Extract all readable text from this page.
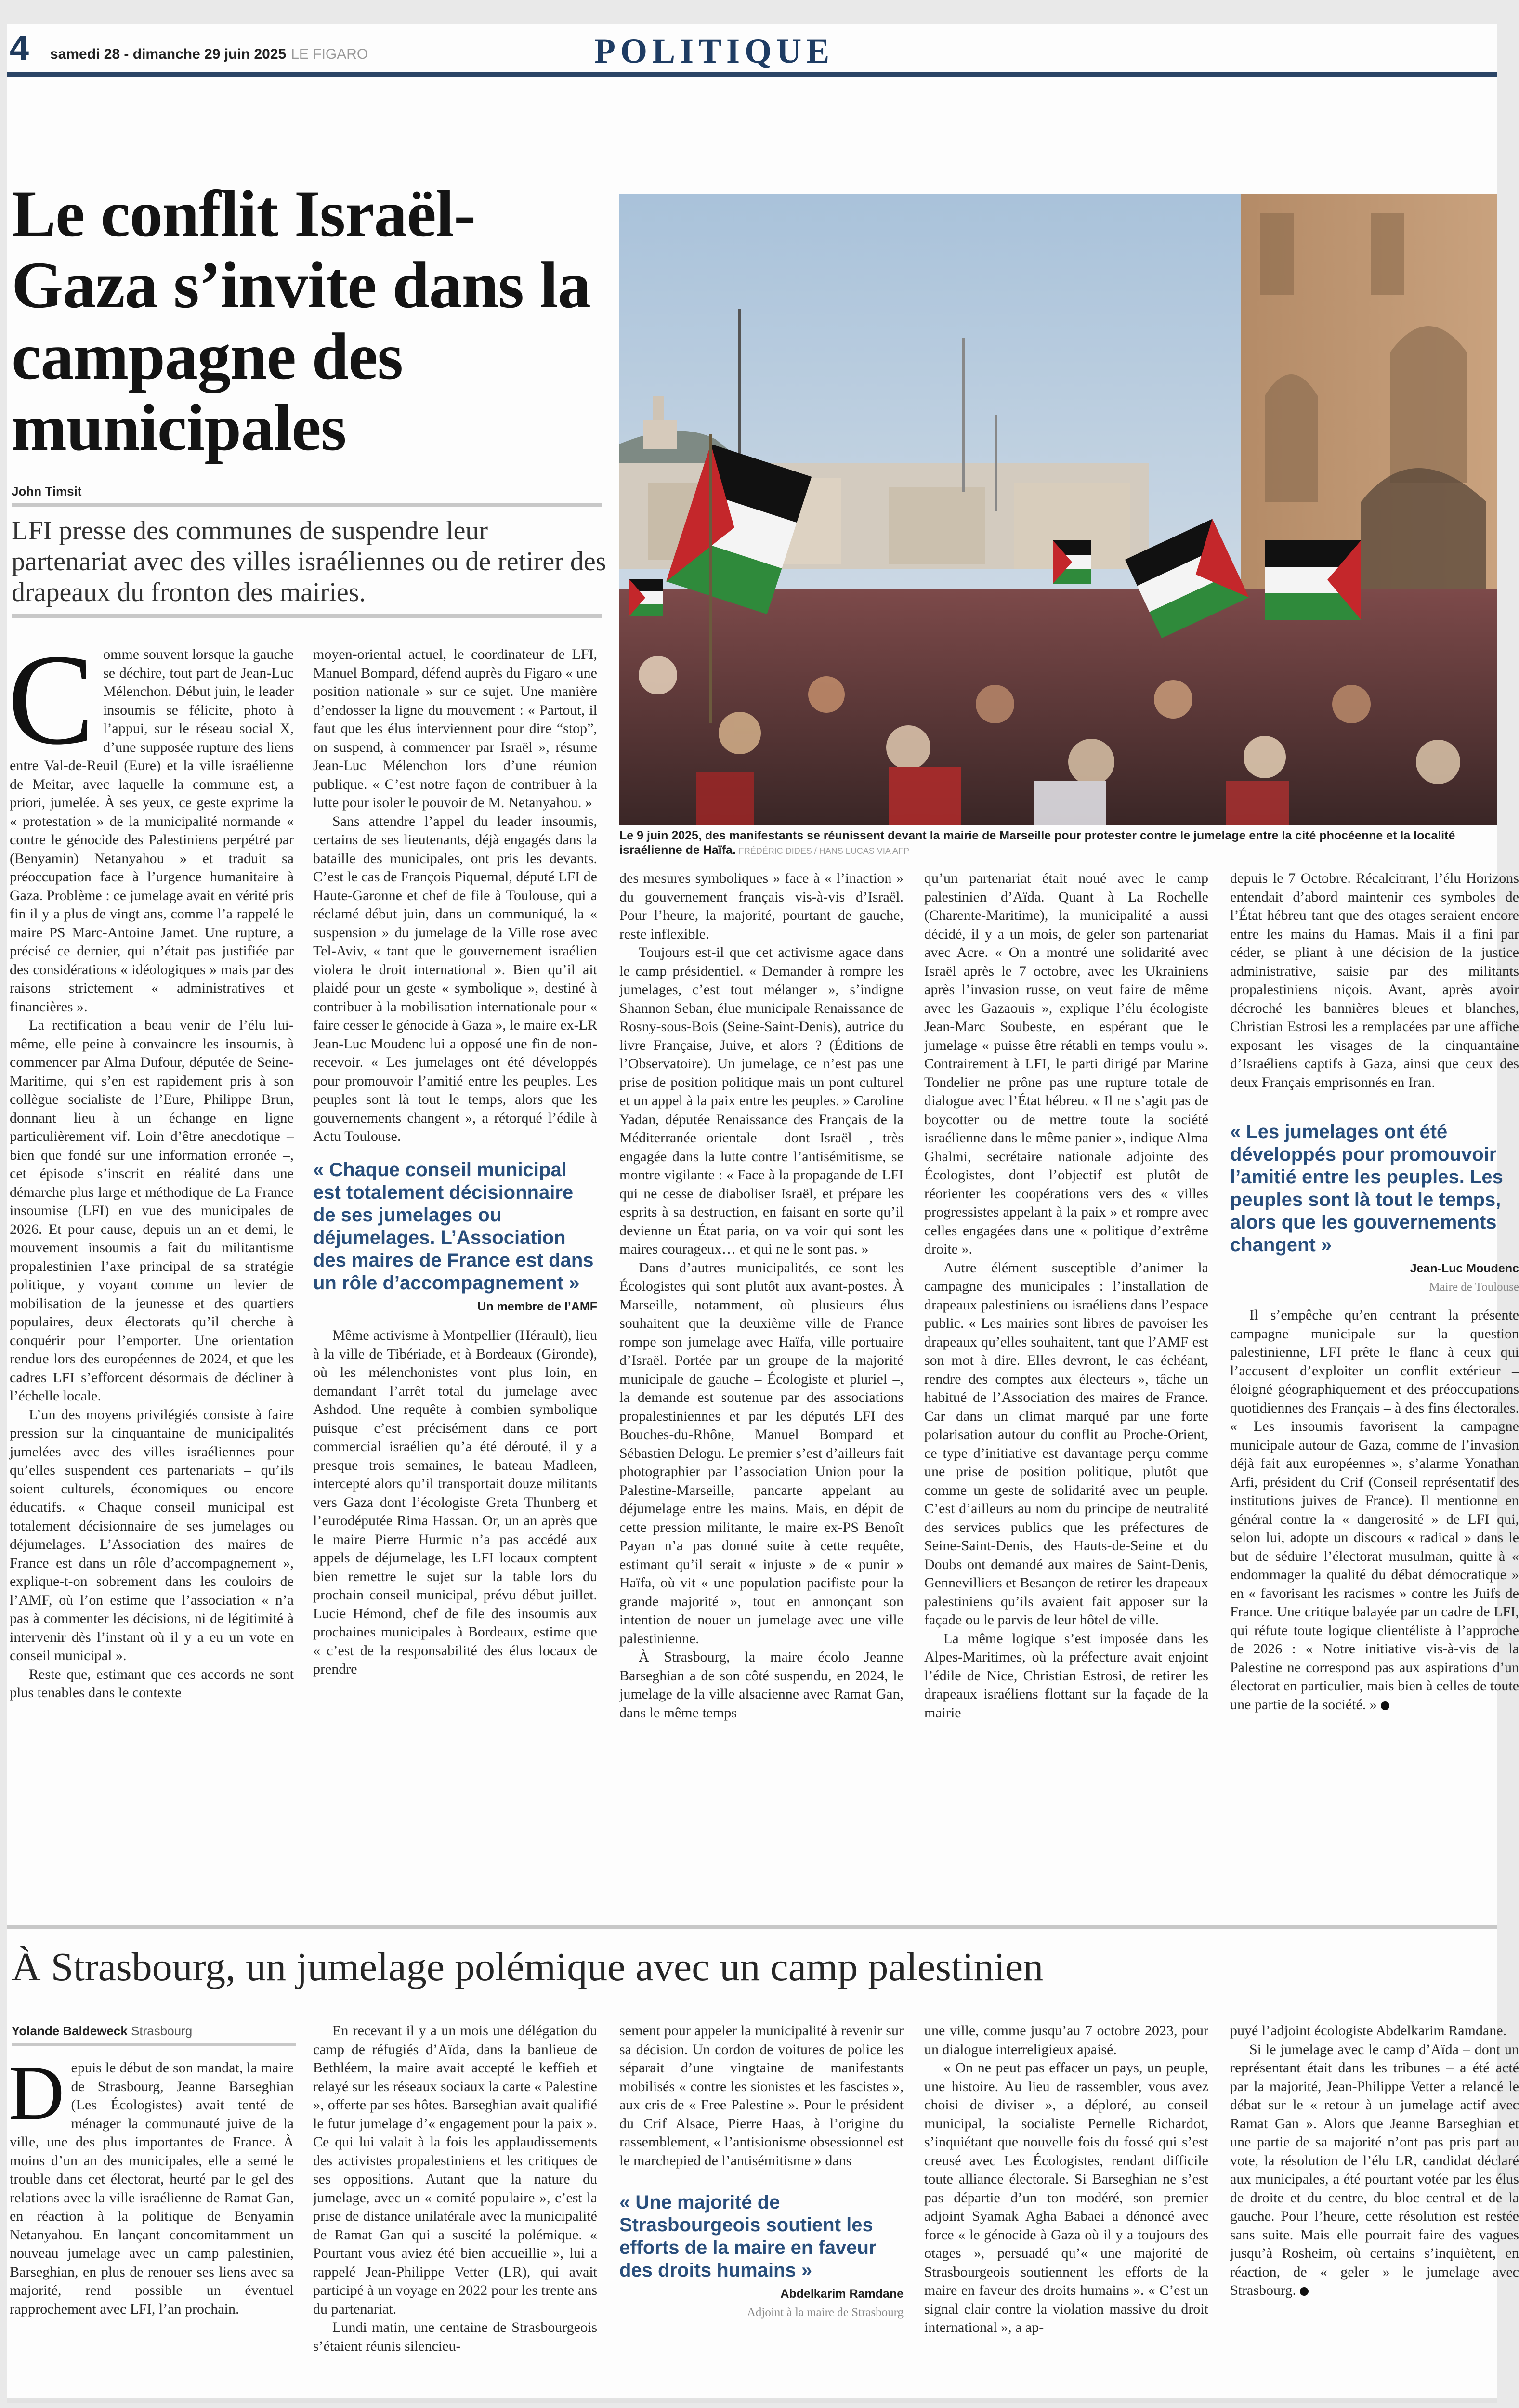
4 samedi 28 - dimanche 29 juin 2025 LE FIGARO	POLITIQUE
Le conflit Israël-Gaza s’invite dans la campagne des municipales
John Timsit
LFI presse des communes de suspendre leur partenariat avec des villes israéliennes ou de retirer des drapeaux du fronton des mairies.
Le 9 juin 2025, des manifestants se réunissent devant la mairie de Marseille pour protester contre le jumelage entre la cité phocéenne et la localité israélienne de Haïfa. FRÉDÉRIC DIDES / HANS LUCAS VIA AFP
C omme souvent lorsque la gauche se déchire, tout part de Jean-Luc Mélenchon. Début juin, le leader insoumis se félicite, photo à l’appui, sur le réseau social X, d’une supposée rupture des liens entre Val-de-Reuil (Eure) et la ville israélienne de Meitar, avec laquelle la commune est, a priori, jumelée. À ses yeux, ce geste exprime la « protestation » de la municipalité normande « contre le génocide des Palestiniens perpétré par (Benyamin) Netanyahou » et traduit sa préoccupation face à l’urgence humanitaire à Gaza. Problème : ce jumelage avait en vérité pris fin il y a plus de vingt ans, comme l’a rappelé le maire PS Marc-Antoine Jamet. Une rupture, a précisé ce dernier, qui n’était pas justifiée par des considérations « idéologiques » mais par des raisons strictement « administratives et financières ».

La rectification a beau venir de l’élu lui-même, elle peine à convaincre les insoumis, à commencer par Alma Dufour, députée de Seine-Maritime, qui s’en est rapidement pris à son collègue socialiste de l’Eure, Philippe Brun, donnant lieu à un échange en ligne particulièrement vif. Loin d’être anecdotique – bien que fondé sur une information erronée –, cet épisode s’inscrit en réalité dans une démarche plus large et méthodique de La France insoumise (LFI) en vue des municipales de 2026. Et pour cause, depuis un an et demi, le mouvement insoumis a fait du militantisme propalestinien l’axe principal de sa stratégie politique, y voyant comme un levier de mobilisation de la jeunesse et des quartiers populaires, deux électorats qu’il cherche à conquérir pour l’emporter. Une orientation rendue lors des européennes de 2024, et que les cadres LFI s’efforcent désormais de décliner à l’échelle locale.

L’un des moyens privilégiés consiste à faire pression sur la cinquantaine de municipalités jumelées avec des villes israéliennes pour qu’elles suspendent ces partenariats – qu’ils soient culturels, économiques ou encore éducatifs. « Chaque conseil municipal est totalement décisionnaire de ses jumelages ou déjumelages. L’Association des maires de France est dans un rôle d’accompagnement », explique-t-on sobrement dans les couloirs de l’AMF, où l’on estime que l’association « n’a pas à commenter les décisions, ni de légitimité à intervenir dès l’instant où il y a eu un vote en conseil municipal ».

Reste que, estimant que ces accords ne sont plus tenables dans le contexte

moyen-oriental actuel, le coordinateur de LFI, Manuel Bompard, défend auprès du Figaro « une position nationale » sur ce sujet. Une manière d’endosser la ligne du mouvement : « Partout, il faut que les élus interviennent pour dire “stop”, on suspend, à commencer par Israël », résume Jean-Luc Mélenchon lors d’une réunion publique. « C’est notre façon de contribuer à la lutte pour isoler le pouvoir de M. Netanyahou. »

Sans attendre l’appel du leader insoumis, certains de ses lieutenants, déjà engagés dans la bataille des municipales, ont pris les devants. C’est le cas de François Piquemal, député LFI de Haute-Garonne et chef de file à Toulouse, qui a réclamé début juin, dans un communiqué, la « suspension » du jumelage de la Ville rose avec Tel-Aviv, « tant que le gouvernement israélien violera le droit international ». Bien qu’il ait plaidé pour un geste « symbolique », destiné à contribuer à la mobilisation internationale pour « faire cesser le génocide à Gaza », le maire ex-LR Jean-Luc Moudenc lui a opposé une fin de non-recevoir. « Les jumelages ont été développés pour promouvoir l’amitié entre les peuples. Les peuples sont là tout le temps, alors que les gouvernements changent », a rétorqué l’édile à Actu Toulouse.

« Chaque conseil municipal est totalement décisionnaire de ses jumelages ou déjumelages. L’Association des maires de France est dans un rôle d’accompagnement »
Un membre de l’AMF

Même activisme à Montpellier (Hérault), lieu à la ville de Tibériade, et à Bordeaux (Gironde), où les mélenchonistes vont plus loin, en demandant l’arrêt total du jumelage avec Ashdod. Une requête à combien symbolique puisque c’est précisément dans ce port commercial israélien qu’a été dérouté, il y a presque trois semaines, le bateau Madleen, intercepté alors qu’il transportait douze militants vers Gaza dont l’écologiste Greta Thunberg et l’eurodéputée Rima Hassan. Or, un an après que le maire Pierre Hurmic n’a pas accédé aux appels de déjumelage, les LFI locaux comptent bien remettre le sujet sur la table lors du prochain conseil municipal, prévu début juillet. Lucie Hémond, chef de file des insoumis aux prochaines municipales à Bordeaux, estime que « c’est de la responsabilité des élus locaux de prendre

des mesures symboliques » face à « l’inaction » du gouvernement français vis-à-vis d’Israël. Pour l’heure, la majorité, pourtant de gauche, reste inflexible.

Toujours est-il que cet activisme agace dans le camp présidentiel. « Demander à rompre les jumelages, c’est tout mélanger », s’indigne Shannon Seban, élue municipale Renaissance de Rosny-sous-Bois (Seine-Saint-Denis), autrice du livre Française, Juive, et alors ? (Éditions de l’Observatoire). Un jumelage, ce n’est pas une prise de position politique mais un pont culturel et un appel à la paix entre les peuples. » Caroline Yadan, députée Renaissance des Français de la Méditerranée orientale – dont Israël –, très engagée dans la lutte contre l’antisémitisme, se montre vigilante : « Face à la propagande de LFI qui ne cesse de diaboliser Israël, et prépare les esprits à sa destruction, en faisant en sorte qu’il devienne un État paria, on va voir qui sont les maires courageux… et qui ne le sont pas. »

Dans d’autres municipalités, ce sont les Écologistes qui sont plutôt aux avant-postes. À Marseille, notamment, où plusieurs élus souhaitent que la deuxième ville de France rompe son jumelage avec Haïfa, ville portuaire d’Israël. Portée par un groupe de la majorité municipale de gauche – Écologiste et pluriel –, la demande est soutenue par des associations propalestiniennes et par les députés LFI des Bouches-du-Rhône, Manuel Bompard et Sébastien Delogu. Le premier s’est d’ailleurs fait photographier par l’association Union pour la Palestine-Marseille, pancarte appelant au déjumelage entre les mains. Mais, en dépit de cette pression militante, le maire ex-PS Benoît Payan n’a pas donné suite à cette requête, estimant qu’il serait « injuste » de « punir » Haïfa, où vit « une population pacifiste pour la grande majorité », tout en annonçant son intention de nouer un jumelage avec une ville palestinienne.

À Strasbourg, la maire écolo Jeanne Barseghian a de son côté suspendu, en 2024, le jumelage de la ville alsacienne avec Ramat Gan, dans le même temps

qu’un partenariat était noué avec le camp palestinien d’Aïda. Quant à La Rochelle (Charente-Maritime), la municipalité a aussi décidé, il y a un mois, de geler son partenariat avec Acre. « On a montré une solidarité avec Israël après le 7 octobre, avec les Ukrainiens après l’invasion russe, on veut faire de même avec les Gazaouis », explique l’élu écologiste Jean-Marc Soubeste, en espérant que le jumelage « puisse être rétabli en temps voulu ». Contrairement à LFI, le parti dirigé par Marine Tondelier ne prône pas une rupture totale de dialogue avec l’État hébreu. « Il ne s’agit pas de boycotter ou de mettre toute la société israélienne dans le même panier », indique Alma Ghalmi, secrétaire nationale adjointe des Écologistes, dont l’objectif est plutôt de réorienter les coopérations vers des « villes progressistes appelant à la paix » et rompre avec celles engagées dans une « politique d’extrême droite ».

Autre élément susceptible d’animer la campagne des municipales : l’installation de drapeaux palestiniens ou israéliens dans l’espace public. « Les mairies sont libres de pavoiser les drapeaux qu’elles souhaitent, tant que l’AMF est son mot à dire. Elles devront, le cas échéant, rendre des comptes aux électeurs », tâche un habitué de l’Association des maires de France. Car dans un climat marqué par une forte polarisation autour du conflit au Proche-Orient, ce type d’initiative est davantage perçu comme une prise de position politique, plutôt que comme un geste de solidarité avec un peuple. C’est d’ailleurs au nom du principe de neutralité des services publics que les préfectures de Seine-Saint-Denis, des Hauts-de-Seine et du Doubs ont demandé aux maires de Saint-Denis, Gennevilliers et Besançon de retirer les drapeaux palestiniens qu’ils avaient fait apposer sur la façade ou le parvis de leur hôtel de ville.

La même logique s’est imposée dans les Alpes-Maritimes, où la préfecture avait enjoint l’édile de Nice, Christian Estrosi, de retirer les drapeaux israéliens flottant sur la façade de la mairie

depuis le 7 Octobre. Récalcitrant, l’élu Horizons entendait d’abord maintenir ces symboles de l’État hébreu tant que des otages seraient encore entre les mains du Hamas. Mais il a fini par céder, se pliant à une décision de la justice administrative, saisie par des militants propalestiniens niçois. Avant, après avoir décroché les bannières bleues et blanches, Christian Estrosi les a remplacées par une affiche exposant les visages de la cinquantaine d’Israéliens captifs à Gaza, ainsi que ceux des deux Français emprisonnés en Iran.

« Les jumelages ont été développés pour promouvoir l’amitié entre les peuples. Les peuples sont là tout le temps, alors que les gouvernements changent »
Jean-Luc Moudenc
Maire de Toulouse

Il s’empêche qu’en centrant la présente campagne municipale sur la question palestinienne, LFI prête le flanc à ceux qui l’accusent d’exploiter un conflit extérieur – éloigné géographiquement et des préoccupations quotidiennes des Français – à des fins électorales. « Les insoumis favorisent la campagne municipale autour de Gaza, comme de l’invasion déjà fait aux européennes », s’alarme Yonathan Arfi, président du Crif (Conseil représentatif des institutions juives de France). Il mentionne en général contre la « dangerosité » de LFI qui, selon lui, adopte un discours « radical » dans le but de séduire l’électorat musulman, quitte à « endommager la qualité du débat démocratique » en « favorisant les racismes » contre les Juifs de France. Une critique balayée par un cadre de LFI, qui réfute toute logique clientéliste à l’approche de 2026 : « Notre initiative vis-à-vis de la Palestine ne correspond pas aux aspirations d’un électorat en particulier, mais bien à celles de toute une partie de la société. »

À Strasbourg, un jumelage polémique avec un camp palestinien
Yolande Baldeweck Strasbourg
D epuis le début de son mandat, la maire de Strasbourg, Jeanne Barseghian (Les Écologistes) avait tenté de ménager la communauté juive de la ville, une des plus importantes de France. À moins d’un an des municipales, elle a semé le trouble dans cet électorat, heurté par le gel des relations avec la ville israélienne de Ramat Gan, en réaction à la politique de Benyamin Netanyahou. En lançant concomitamment un nouveau jumelage avec un camp palestinien, Barseghian, en plus de renouer ses liens avec sa majorité, rend possible un éventuel rapprochement avec LFI, l’an prochain.

En recevant il y a un mois une délégation du camp de réfugiés d’Aïda, dans la banlieue de Bethléem, la maire avait accepté le keffieh et relayé sur les réseaux sociaux la carte « Palestine », offerte par ses hôtes. Barseghian avait qualifié le futur jumelage d’« engagement pour la paix ». Ce qui lui valait à la fois les applaudissements des activistes propalestiniens et les critiques de ses oppositions. Autant que la nature du jumelage, avec un « comité populaire », c’est la prise de distance unilatérale avec la municipalité de Ramat Gan qui a suscité la polémique. « Pourtant vous aviez été bien accueillie », lui a rappelé Jean-Philippe Vetter (LR), qui avait participé à un voyage en 2022 pour les trente ans du partenariat.

Lundi matin, une centaine de Strasbourgeois s’étaient réunis silencieu-

sement pour appeler la municipalité à revenir sur sa décision. Un cordon de voitures de police les séparait d’une vingtaine de manifestants mobilisés « contre les sionistes et les fascistes », aux cris de « Free Palestine ». Pour le président du Crif Alsace, Pierre Haas, à l’origine du rassemblement, « l’antisionisme obsessionnel est le marchepied de l’antisémitisme » dans

« Une majorité de Strasbourgeois soutient les efforts de la maire en faveur des droits humains »
Abdelkarim Ramdane
Adjoint à la maire de Strasbourg

une ville, comme jusqu’au 7 octobre 2023, pour un dialogue interreligieux apaisé.

« On ne peut pas effacer un pays, un peuple, une histoire. Au lieu de rassembler, vous avez choisi de diviser », a déploré, au conseil municipal, la socialiste Pernelle Richardot, s’inquiétant que nouvelle fois du fossé qui s’est creusé avec Les Écologistes, rendant difficile toute alliance électorale. Si Barseghian ne s’est pas départie d’un ton modéré, son premier adjoint Syamak Agha Babaei a dénoncé avec force « le génocide à Gaza où il y a toujours des otages », persuadé qu’« une majorité de Strasbourgeois soutiennent les efforts de la maire en faveur des droits humains ». « C’est un signal clair contre la violation massive du droit international », a ap-

puyé l’adjoint écologiste Abdelkarim Ramdane.

Si le jumelage avec le camp d’Aïda – dont un représentant était dans les tribunes – a été acté par la majorité, Jean-Philippe Vetter a relancé le débat sur le « retour à un jumelage actif avec Ramat Gan ». Alors que Jeanne Barseghian et une partie de sa majorité n’ont pas pris part au vote, la résolution de l’élu LR, candidat déclaré aux municipales, a été pourtant votée par les élus de droite et du centre, du bloc central et de la gauche. Pour l’heure, cette résolution est restée sans suite. Mais elle pourrait faire des vagues jusqu’à Rosheim, où certains s’inquiètent, en réaction, de « geler » le jumelage avec Strasbourg.
